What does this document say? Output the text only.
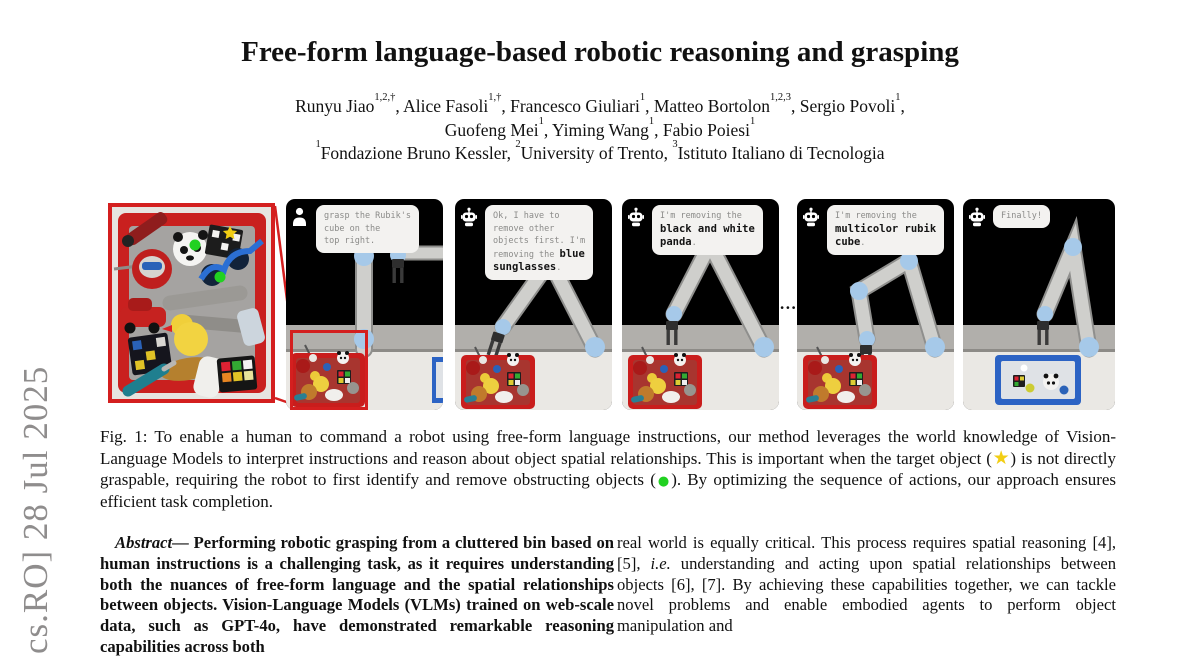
cs.RO] 28 Jul 2025
Free-form language-based robotic reasoning and grasping
Runyu Jiao$^{1,2,\dagger}$, Alice Fasoli$^{1,\dagger}$, Francesco Giuliari$^1$, Matteo Bortolon$^{1,2,3}$, Sergio Povoli$^1$,
Guofeng Mei$^1$, Yiming Wang$^1$, Fabio Poiesi$^1$
$^1$Fondazione Bruno Kessler, $^2$University of Trento, $^3$Istituto Italiano di Tecnologia
grasp the Rubik's
cube on the
top right.
Ok, I have to
remove other
objects first. I'm
removing the blue
sunglasses.
I'm removing the
black and white
panda.
...
I'm removing the
multicolor rubik
cube.
Finally!
Fig. 1: To enable a human to command a robot using free-form language instructions, our method leverages the world knowledge of Vision-Language Models to interpret instructions and reason about object spatial relationships. This is important when the target object (★) is not directly graspable, requiring the robot to first identify and remove obstructing objects (●). By optimizing the sequence of actions, our approach ensures efficient task completion.
Abstract— Performing robotic grasping from a cluttered bin based on human instructions is a challenging task, as it requires understanding both the nuances of free-form language and the spatial relationships between objects. Vision-Language Models (VLMs) trained on web-scale data, such as GPT-4o, have demonstrated remarkable reasoning capabilities across both
real world is equally critical. This process requires spatial reasoning [4], [5], i.e. understanding and acting upon spatial relationships between objects [6], [7]. By achieving these capabilities together, we can tackle novel problems and enable embodied agents to perform object manipulation and
